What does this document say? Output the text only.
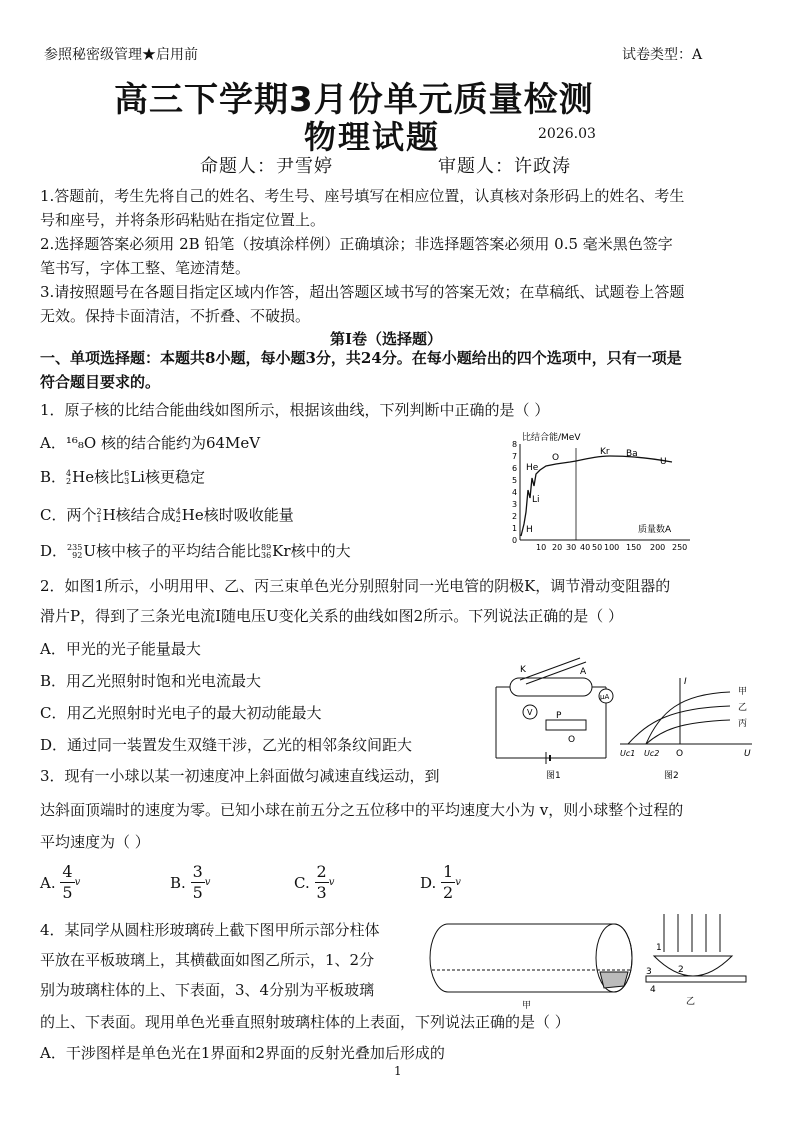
参照秘密级管理★启用前	试卷类型：A
高三下学期3月份单元质量检测
物理试题	2026.03
命题人：尹雪婷	审题人：许政涛
1.答题前，考生先将自己的姓名、考生号、座号填写在相应位置，认真核对条形码上的姓名、考生
号和座号，并将条形码粘贴在指定位置上。
2.选择题答案必须用 2B 铅笔（按填涂样例）正确填涂；非选择题答案必须用 0.5 毫米黑色签字
笔书写，字体工整、笔迹清楚。
3.请按照题号在各题目指定区域内作答，超出答题区域书写的答案无效；在草稿纸、试题卷上答题
无效。保持卡面清洁，不折叠、不破损。
第Ⅰ卷（选择题）
一、单项选择题：本题共8小题，每小题3分，共24分。在每小题给出的四个选项中，只有一项是
符合题目要求的。
1．原子核的比结合能曲线如图所示，根据该曲线，下列判断中正确的是（ ）
A．¹⁶₈O 核的结合能约为64MeV
B． 4
2 He核比 6
3 Li核更稳定
C．两个 2
1 H核结合成 4
2 He核时吸收能量
D． 235
92 U核中核子的平均结合能比 89
36 Kr核中的大
比结合能/MeV
0
1
2
3
4
5
6
7
8
10 20 30 40 50 100 150 200 250
He
O
Kr Ba
U
Li
H	质量数A
2．如图1所示，小明用甲、乙、丙三束单色光分别照射同一光电管的阴极K，调节滑动变阻器的
滑片P，得到了三条光电流I随电压U变化关系的曲线如图2所示。下列说法正确的是（ ）
A．甲光的光子能量最大
B．用乙光照射时饱和光电流最大
C．用乙光照射时光电子的最大初动能最大
D．通过同一装置发生双缝干涉，乙光的相邻条纹间距大
K	A
μA
V	P
O
图1
I
O
Uc1 Uc2	U
甲
乙
丙
图2
3．现有一小球以某一初速度冲上斜面做匀减速直线运动，到
达斜面顶端时的速度为零。已知小球在前五分之五位移中的平均速度大小为 v，则小球整个过程的
平均速度为（ ）
A.
$\frac{4}{5}$ v	B.
$\frac{3}{5}$ v	C.
$\frac{2}{3}$ v	D.
$\frac{1}{2}$ v
4．某同学从圆柱形玻璃砖上截下图甲所示部分柱体
平放在平板玻璃上，其横截面如图乙所示，1、2分
别为玻璃柱体的上、下表面，3、4分别为平板玻璃
的上、下表面。现用单色光垂直照射玻璃柱体的上表面，下列说法正确的是（ ）
A．干涉图样是单色光在1界面和2界面的反射光叠加后形成的
甲
1
2
3
4
乙
1
